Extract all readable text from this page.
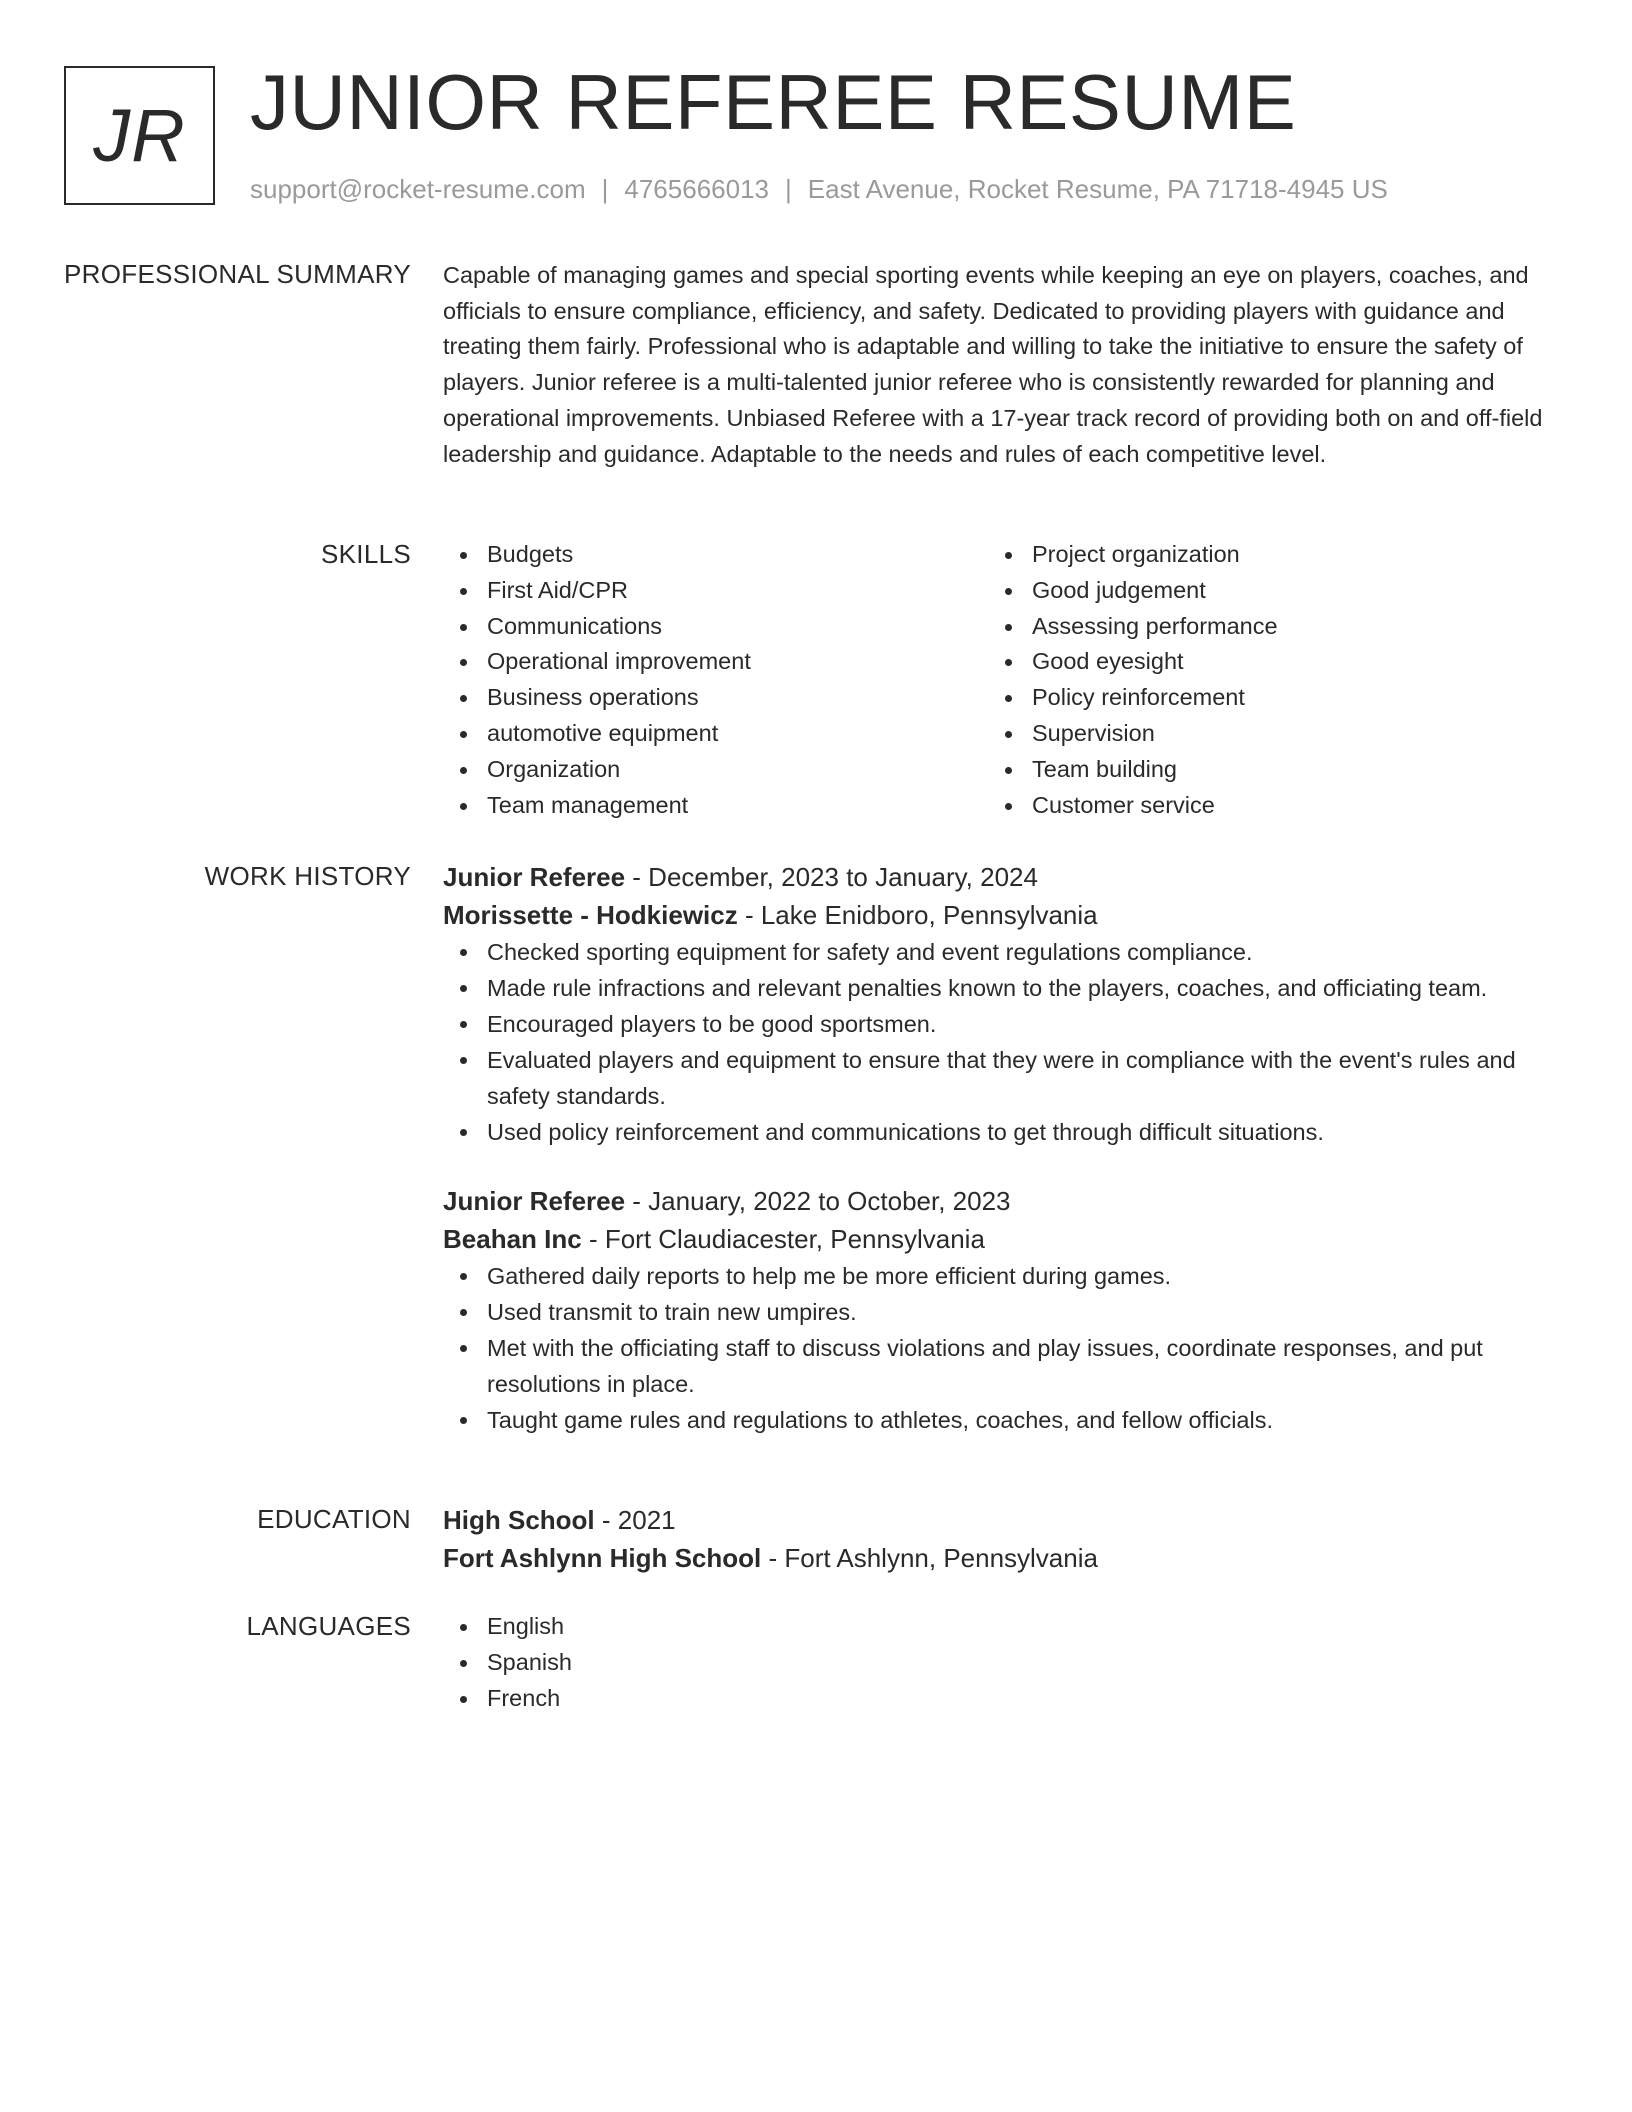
JR JUNIOR REFEREE RESUME
support@rocket-resume.com | 4765666013 | East Avenue, Rocket Resume, PA 71718-4945 US
PROFESSIONAL SUMMARY Capable of managing games and special sporting events while keeping an eye on players, coaches, and officials to ensure compliance, efficiency, and safety. Dedicated to providing players with guidance and treating them fairly. Professional who is adaptable and willing to take the initiative to ensure the safety of players. Junior referee is a multi-talented junior referee who is consistently rewarded for planning and operational improvements. Unbiased Referee with a 17-year track record of providing both on and off-field leadership and guidance. Adaptable to the needs and rules of each competitive level.

SKILLS	Budgets
First Aid/CPR
Communications
Operational improvement
Business operations
automotive equipment
Organization
Team management
Project organization
Good judgement
Assessing performance
Good eyesight
Policy reinforcement
Supervision
Team building
Customer service
WORK HISTORY Junior Referee - December, 2023 to January, 2024
Morissette - Hodkiewicz - Lake Enidboro, Pennsylvania
Checked sporting equipment for safety and event regulations compliance.
Made rule infractions and relevant penalties known to the players, coaches, and officiating team.
Encouraged players to be good sportsmen.
Evaluated players and equipment to ensure that they were in compliance with the event's rules and safety standards.
Used policy reinforcement and communications to get through difficult situations.
Junior Referee - January, 2022 to October, 2023
Beahan Inc - Fort Claudiacester, Pennsylvania
Gathered daily reports to help me be more efficient during games.
Used transmit to train new umpires.
Met with the officiating staff to discuss violations and play issues, coordinate responses, and put resolutions in place.
Taught game rules and regulations to athletes, coaches, and fellow officials.
EDUCATION High School - 2021
Fort Ashlynn High School - Fort Ashlynn, Pennsylvania
LANGUAGES	English
Spanish
French
